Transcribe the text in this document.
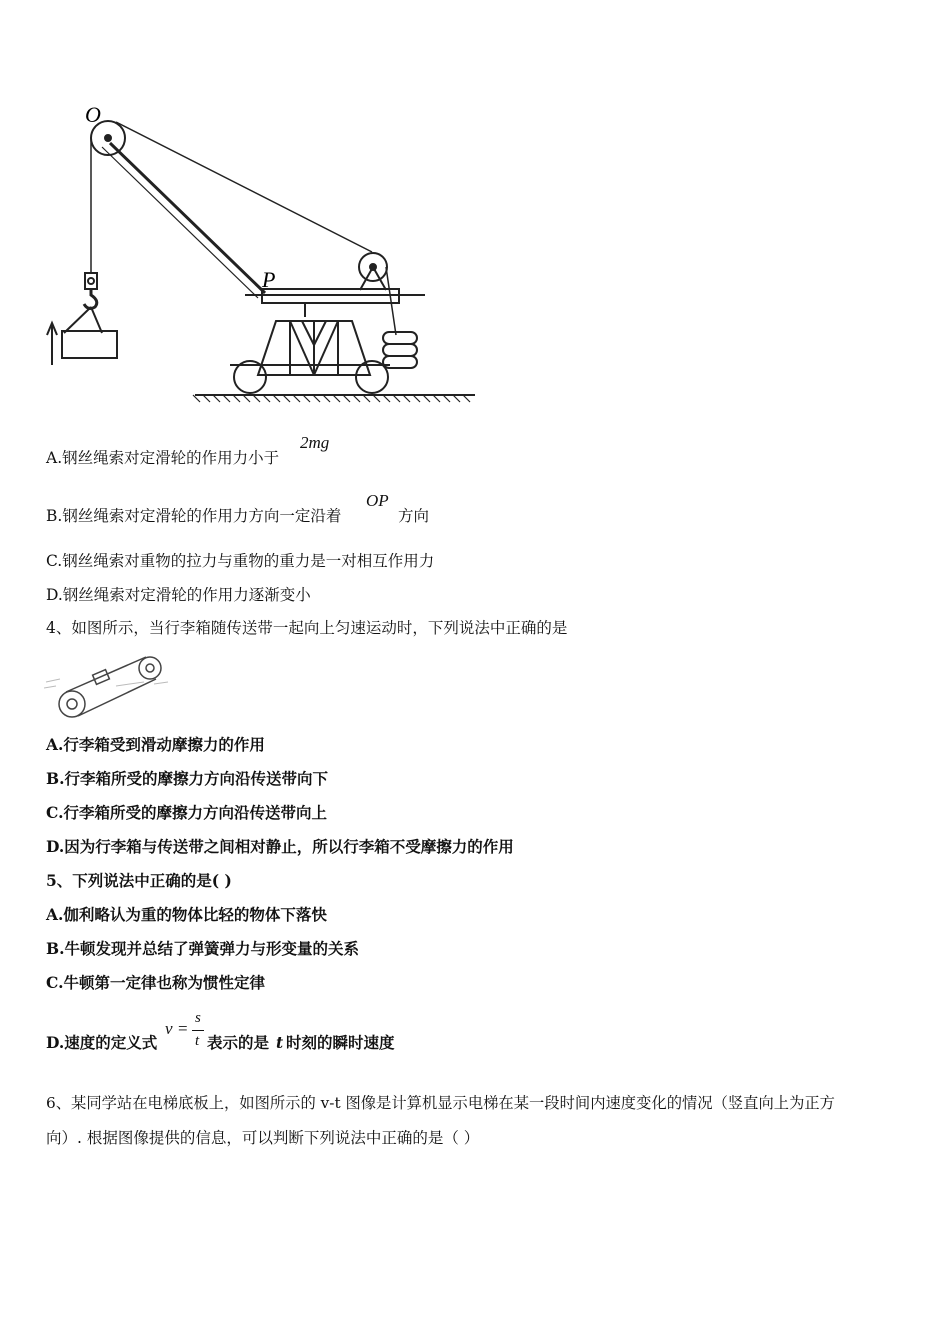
O
P
A.钢丝绳索对定滑轮的作用力小于
2mg
B.钢丝绳索对定滑轮的作用力方向一定沿着
OP
方向
C.钢丝绳索对重物的拉力与重物的重力是一对相互作用力
D.钢丝绳索对定滑轮的作用力逐渐变小
4、如图所示，当行李箱随传送带一起向上匀速运动时，下列说法中正确的是
A.行李箱受到滑动摩擦力的作用
B.行李箱所受的摩擦力方向沿传送带向下
C.行李箱所受的摩擦力方向沿传送带向上
D.因为行李箱与传送带之间相对静止，所以行李箱不受摩擦力的作用
5、下列说法中正确的是( )
A.伽利略认为重的物体比轻的物体下落快
B.牛顿发现并总结了弹簧弹力与形变量的关系
C.牛顿第一定律也称为惯性定律
D.速度的定义式
v =
s
t 表示的是 t 时刻的瞬时速度
6、某同学站在电梯底板上，如图所示的 v-t 图像是计算机显示电梯在某一段时间内速度变化的情况（竖直向上为正方
向）. 根据图像提供的信息，可以判断下列说法中正确的是（ ）
